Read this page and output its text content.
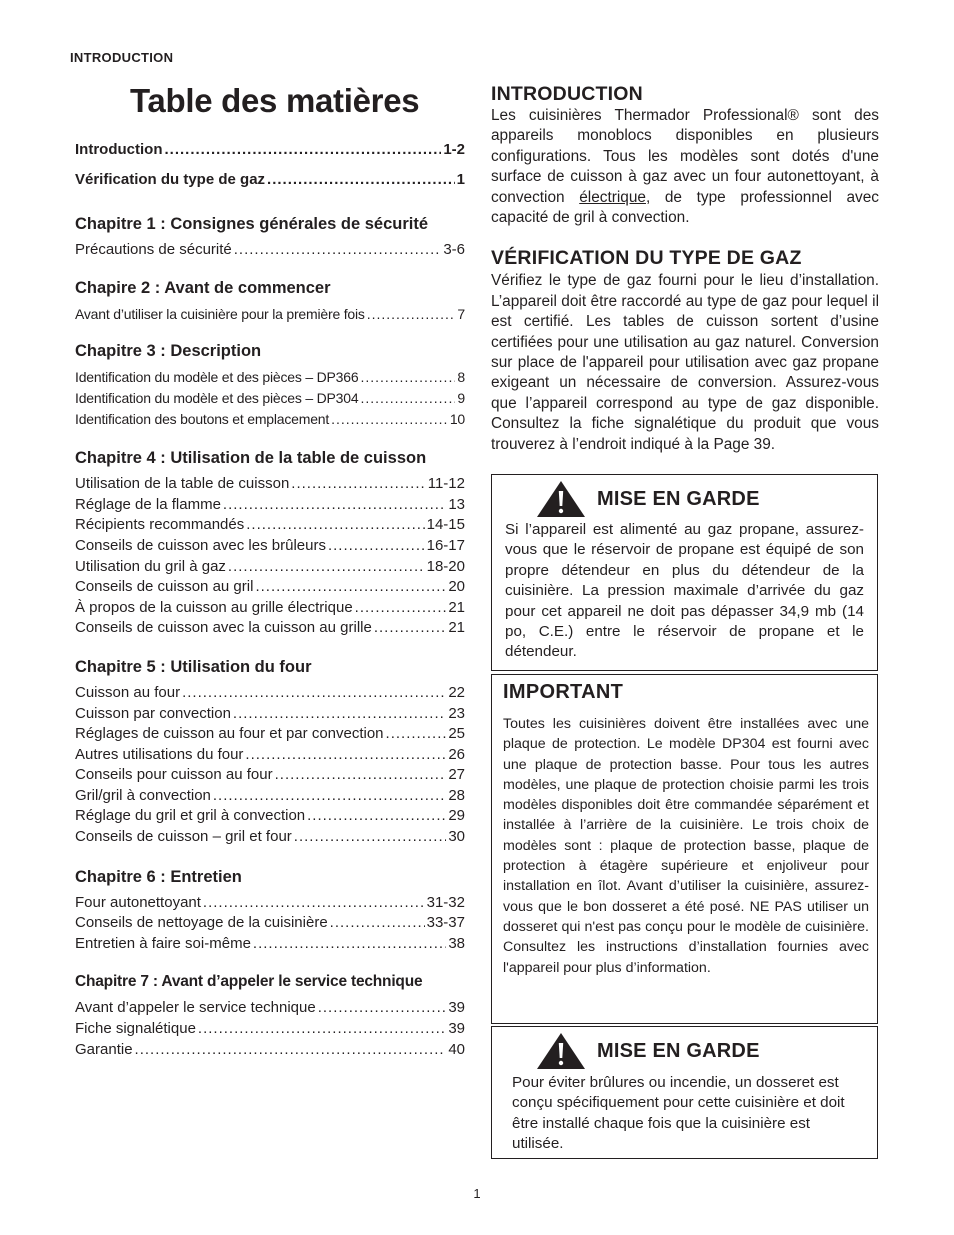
INTRODUCTION
Table des matières
Introduction .....	1-2
Vérification du type de gaz .....	1
Chapitre 1 : Consignes générales de sécurité
Précautions de sécurité .....	3-6
Chapire 2 : Avant de commencer
Avant d’utiliser la cuisinière pour la première fois .....	7
Chapitre 3 : Description
Identification du modèle et des pièces – DP366 .....	8
Identification du modèle et des pièces – DP304 .....	9
Identification des boutons et emplacement .....	10
Chapitre 4 : Utilisation de la table de cuisson
Utilisation de la table de cuisson .....	11-12
Réglage de la flamme .....	13
Récipients recommandés .....	14-15
Conseils de cuisson avec les brûleurs .....	16-17
Utilisation du gril à gaz .....	18-20
Conseils de cuisson au gril .....	20
À propos de la cuisson au grille électrique .....	21
Conseils de cuisson avec la cuisson au grille .....	21
Chapitre 5 : Utilisation du four
Cuisson au four .....	22
Cuisson par convection .....	23
Réglages de cuisson au four et par convection .....	25
Autres utilisations du four .....	26
Conseils pour cuisson au four .....	27
Gril/gril à convection .....	28
Réglage du gril et gril à convection .....	29
Conseils de cuisson – gril et four .....	30
Chapitre 6 : Entretien
Four autonettoyant .....	31-32
Conseils de nettoyage de la cuisinière .....	33-37
Entretien à faire soi-même .....	38
Chapitre 7 : Avant d’appeler le service technique
Avant d’appeler le service technique .....	39
Fiche signalétique .....	39
Garantie .....	40
INTRODUCTION

Les cuisinières Thermador Professional® sont des appareils monoblocs disponibles en plusieurs configurations. Tous les modèles sont dotés d'une surface de cuisson à gaz avec un four autonettoyant, à convection électrique, de type professionnel avec capacité de gril à convection.

VÉRIFICATION DU TYPE DE GAZ

Vérifiez le type de gaz fourni pour le lieu d’installation. L’appareil doit être raccordé au type de gaz pour lequel il est certifié. Les tables de cuisson sortent d’usine certifiées pour une utilisation au gaz naturel. Conversion sur place de l'appareil pour utilisation avec gaz propane exigeant un nécessaire de conversion. Assurez-vous que l’appareil correspond au type de gaz disponible. Consultez la fiche signalétique du produit que vous trouverez à l’endroit indiqué à la Page 39.

MISE EN GARDE

Si l’appareil est alimenté au gaz propane, assurez-vous que le réservoir de propane est équipé de son propre détendeur en plus du détendeur de la cuisinière. La pression maximale d’arrivée du gaz pour cet appareil ne doit pas dépasser 34,9 mb (14 po, C.E.) entre le réservoir de propane et le détendeur.

IMPORTANT

Toutes les cuisinières doivent être installées avec une plaque de protection. Le modèle DP304 est fourni avec une plaque de protection basse. Pour tous les autres modèles, une plaque de protection choisie parmi les trois modèles disponibles doit être commandée séparément et installée à l’arrière de la cuisinière. Le trois choix de modèles sont : plaque de protection basse, plaque de protection à étagère supérieure et enjoliveur pour installation en îlot. Avant d’utiliser la cuisinière, assurez-vous que le bon dosseret a été posé. NE PAS utiliser un dosseret qui n'est pas conçu pour le modèle de cuisinière. Consultez les instructions d’installation fournies avec l'appareil pour plus d’information.

MISE EN GARDE

Pour éviter brûlures ou incendie, un dosseret est conçu spécifiquement pour cette cuisinière et doit être installé chaque fois que la cuisinière est utilisée.

1
